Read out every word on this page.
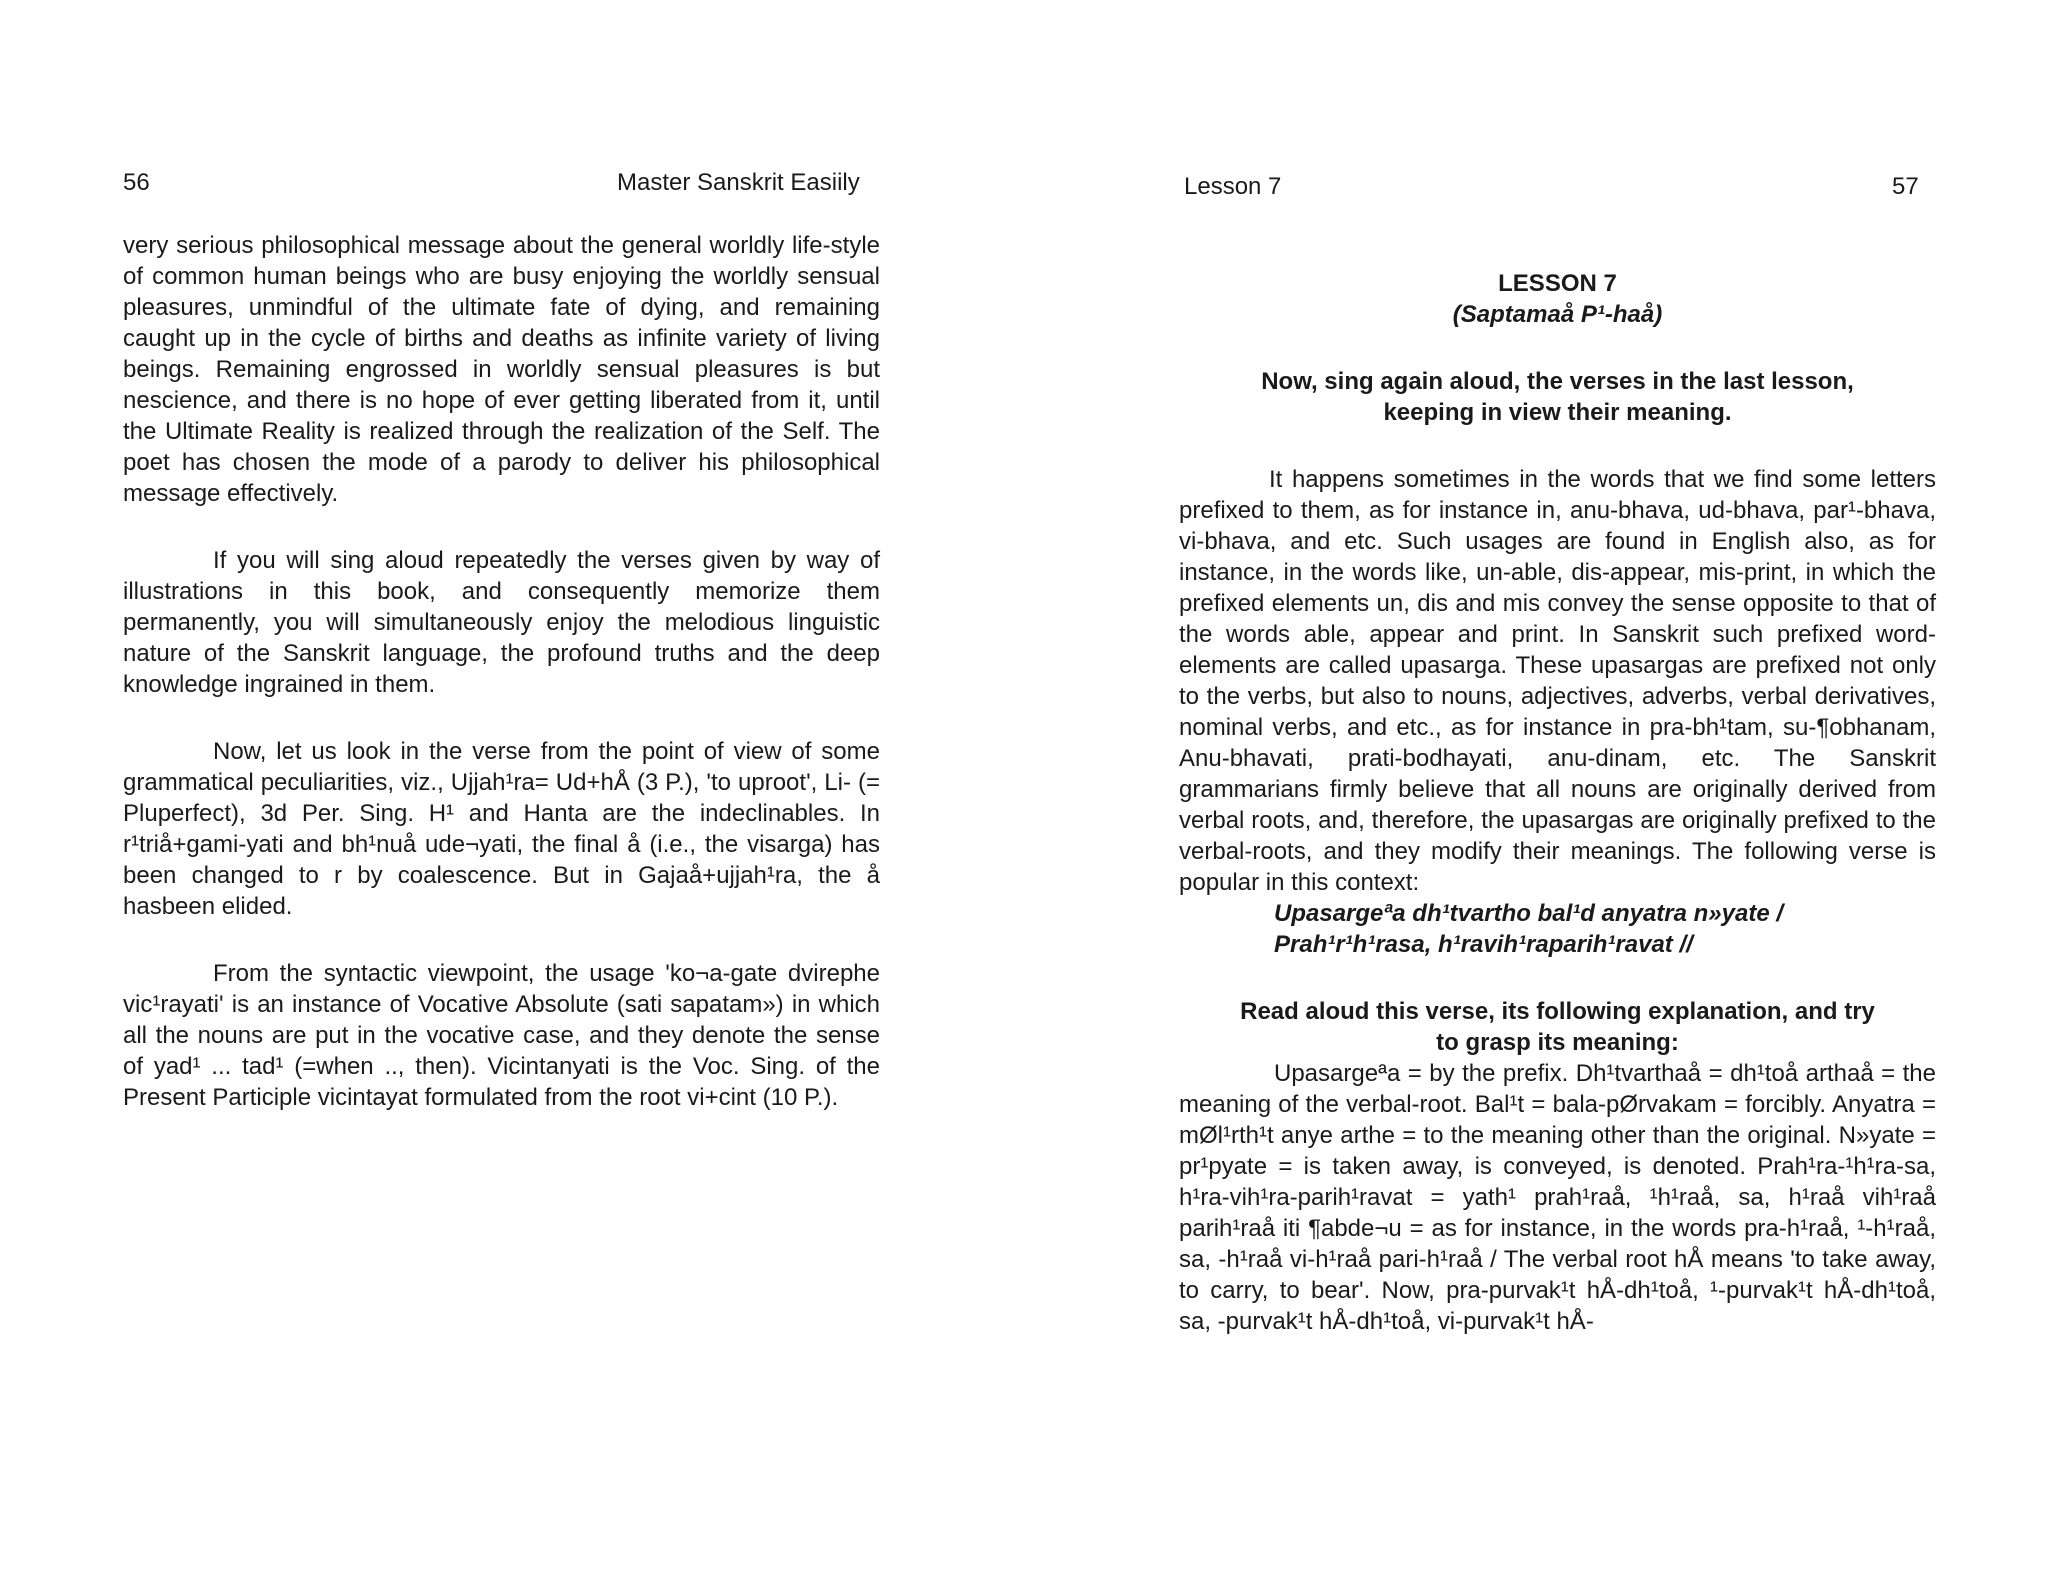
56	Master Sanskrit Easiily

very serious philosophical message about the general worldly life-style of common human beings who are busy enjoying the worldly sensual pleasures, unmindful of the ultimate fate of dying, and remaining caught up in the cycle of births and deaths as infinite variety of living beings. Remaining engrossed in worldly sensual pleasures is but nescience, and there is no hope of ever getting liberated from it, until the Ultimate Reality is realized through the realization of the Self. The poet has chosen the mode of a parody to deliver his philosophical message effectively.

If you will sing aloud repeatedly the verses given by way of illustrations in this book, and consequently memorize them permanently, you will simultaneously enjoy the melodious linguistic nature of the Sanskrit language, the profound truths and the deep knowledge ingrained in them.

Now, let us look in the verse from the point of view of some grammatical peculiarities, viz., Ujjah¹ra= Ud+hÅ (3 P.), 'to uproot', Li- (= Pluperfect), 3d Per. Sing. H¹ and Hanta are the indeclinables. In r¹triå+gami-yati and bh¹nuå ude¬yati, the final å (i.e., the visarga) has been changed to r by coalescence. But in Gajaå+ujjah¹ra, the å hasbeen elided.

From the syntactic viewpoint, the usage 'ko¬a-gate dvirephe vic¹rayati' is an instance of Vocative Absolute (sati sapatam») in which all the nouns are put in the vocative case, and they denote the sense of yad¹ ... tad¹ (=when .., then). Vicintanyati is the Voc. Sing. of the Present Participle vicintayat formulated from the root vi+cint (10 P.).

Lesson 7	57

LESSON 7

(Saptamaå P¹-haå)

Now, sing again aloud, the verses in the last lesson, keeping in view their meaning.

It happens sometimes in the words that we find some letters prefixed to them, as for instance in, anu-bhava, ud-bhava, par¹-bhava, vi-bhava, and etc. Such usages are found in English also, as for instance, in the words like, un-able, dis-appear, mis-print, in which the prefixed elements un, dis and mis convey the sense opposite to that of the words able, appear and print. In Sanskrit such prefixed word-elements are called upasarga. These upasargas are prefixed not only to the verbs, but also to nouns, adjectives, adverbs, verbal derivatives, nominal verbs, and etc., as for instance in pra-bh¹tam, su-¶obhanam, Anu-bhavati, prati-bodhayati, anu-dinam, etc. The Sanskrit grammarians firmly believe that all nouns are originally derived from verbal roots, and, therefore, the upasargas are originally prefixed to the verbal-roots, and they modify their meanings. The following verse is popular in this context:

Upasargeªa dh¹tvartho bal¹d anyatra n»yate /

Prah¹r¹h¹rasa, h¹ravih¹raparih¹ravat //

Read aloud this verse, its following explanation, and try to grasp its meaning:

Upasargeªa = by the prefix. Dh¹tvarthaå = dh¹toå arthaå = the meaning of the verbal-root. Bal¹t = bala-pØrvakam = forcibly. Anyatra = mØl¹rth¹t anye arthe = to the meaning other than the original. N»yate = pr¹pyate = is taken away, is conveyed, is denoted. Prah¹ra-¹h¹ra-sa, h¹ra-vih¹ra-parih¹ravat = yath¹ prah¹raå, ¹h¹raå, sa, h¹raå vih¹raå parih¹raå iti ¶abde¬u = as for instance, in the words pra-h¹raå, ¹-h¹raå, sa, -h¹raå vi-h¹raå pari-h¹raå / The verbal root hÅ means 'to take away, to carry, to bear'. Now, pra-purvak¹t hÅ-dh¹toå, ¹-purvak¹t hÅ-dh¹toå, sa, -purvak¹t hÅ-dh¹toå, vi-purvak¹t hÅ-
